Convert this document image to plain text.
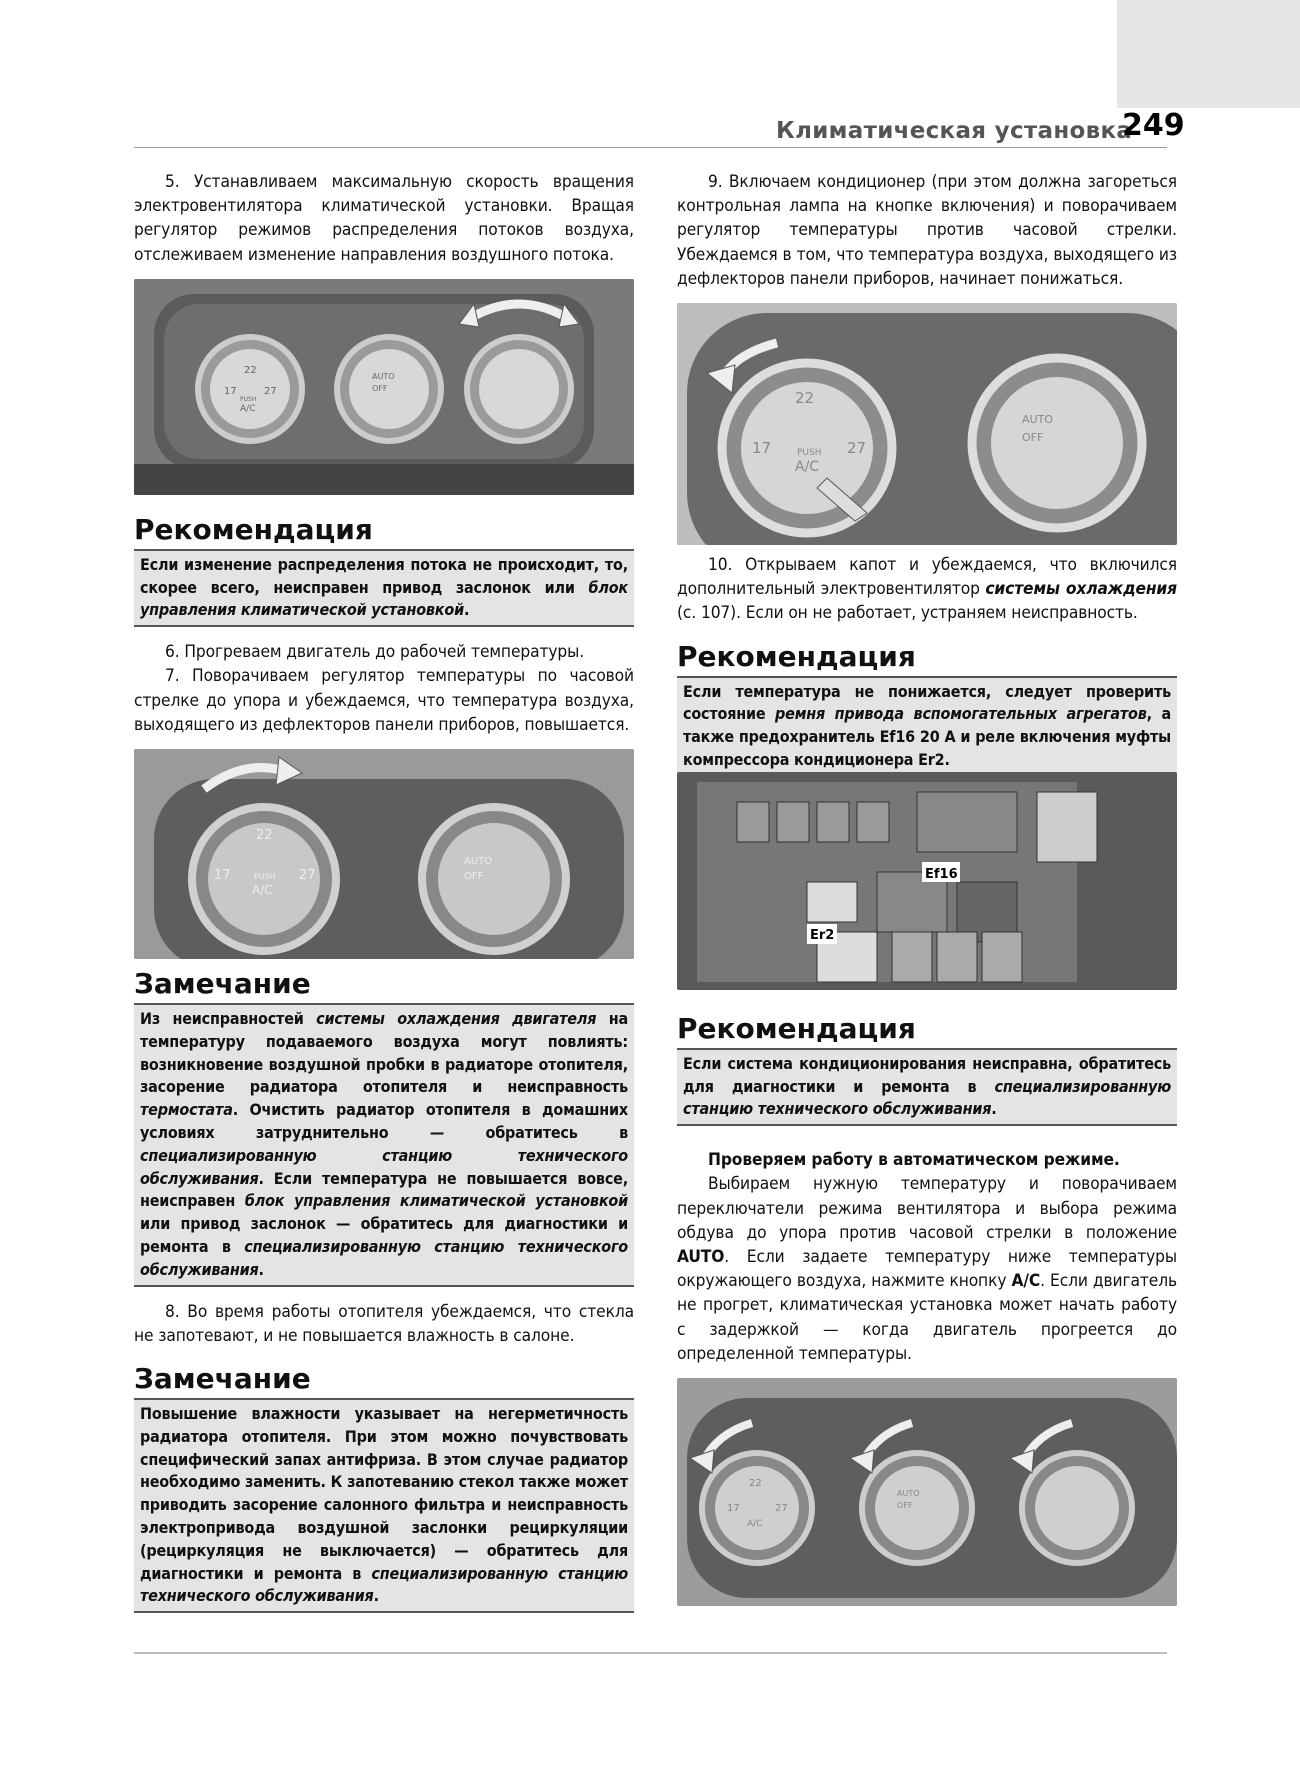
Климатическая установка
249

5. Устанавливаем максимальную скорость вращения электровентилятора климатической установки. Вращая регулятор режимов распределения потоков воздуха, отслеживаем изменение направления воздушного потока.

22
17	27
PUSH
A/C
AUTO
OFF
Рекомендация

Если изменение распределения потока не происходит, то, скорее всего, неисправен привод заслонок или блок управления климатической установкой.

6. Прогреваем двигатель до рабочей температуры.

7. Поворачиваем регулятор температуры по часовой стрелке до упора и убеждаемся, что температура воздуха, выходящего из дефлекторов панели приборов, повышается.

22
17	27
PUSH
A/C
AUTO
OFF
Замечание

Из неисправностей системы охлаждения двигателя на температуру подаваемого воздуха могут повлиять: возникновение воздушной пробки в радиаторе отопителя, засорение радиатора отопителя и неисправность термостата. Очистить радиатор отопителя в домашних условиях затруднительно — обратитесь в специализированную станцию технического обслуживания. Если температура не повышается вовсе, неисправен блок управления климатической установкой или привод заслонок — обратитесь для диагностики и ремонта в специализированную станцию технического обслуживания.

8. Во время работы отопителя убеждаемся, что стекла не запотевают, и не повышается влажность в салоне.

Замечание

Повышение влажности указывает на негерметичность радиатора отопителя. При этом можно почувствовать специфический запах антифриза. В этом случае радиатор необходимо заменить. К запотеванию стекол также может приводить засорение салонного фильтра и неисправность электропривода воздушной заслонки рециркуляции (рециркуляция не выключается) — обратитесь для диагностики и ремонта в специализированную станцию технического обслуживания.

9. Включаем кондиционер (при этом должна загореться контрольная лампа на кнопке включения) и поворачиваем регулятор температуры против часовой стрелки. Убеждаемся в том, что температура воздуха, выходящего из дефлекторов панели приборов, начинает понижаться.

22
17	27
PUSH
A/C
AUTO
OFF

10. Открываем капот и убеждаемся, что включился дополнительный электровентилятор системы охлаждения (с. 107). Если он не работает, устраняем неисправность.

Рекомендация

Если температура не понижается, следует проверить состояние ремня привода вспомогательных агрегатов, а также предохранитель Ef16 20 А и реле включения муфты компрессора кондиционера Er2.

Ef16
Er2
Рекомендация

Если система кондиционирования неисправна, обратитесь для диагностики и ремонта в специализированную станцию технического обслуживания.

Проверяем работу в автоматическом режиме.

Выбираем нужную температуру и поворачиваем переключатели режима вентилятора и выбора режима обдува до упора против часовой стрелки в положение AUTO. Если задаете температуру ниже температуры окружающего воздуха, нажмите кнопку A/C. Если двигатель не прогрет, климатическая установка может начать работу с задержкой — когда двигатель прогреется до определенной температуры.

22
17	27
A/C
AUTO
OFF
